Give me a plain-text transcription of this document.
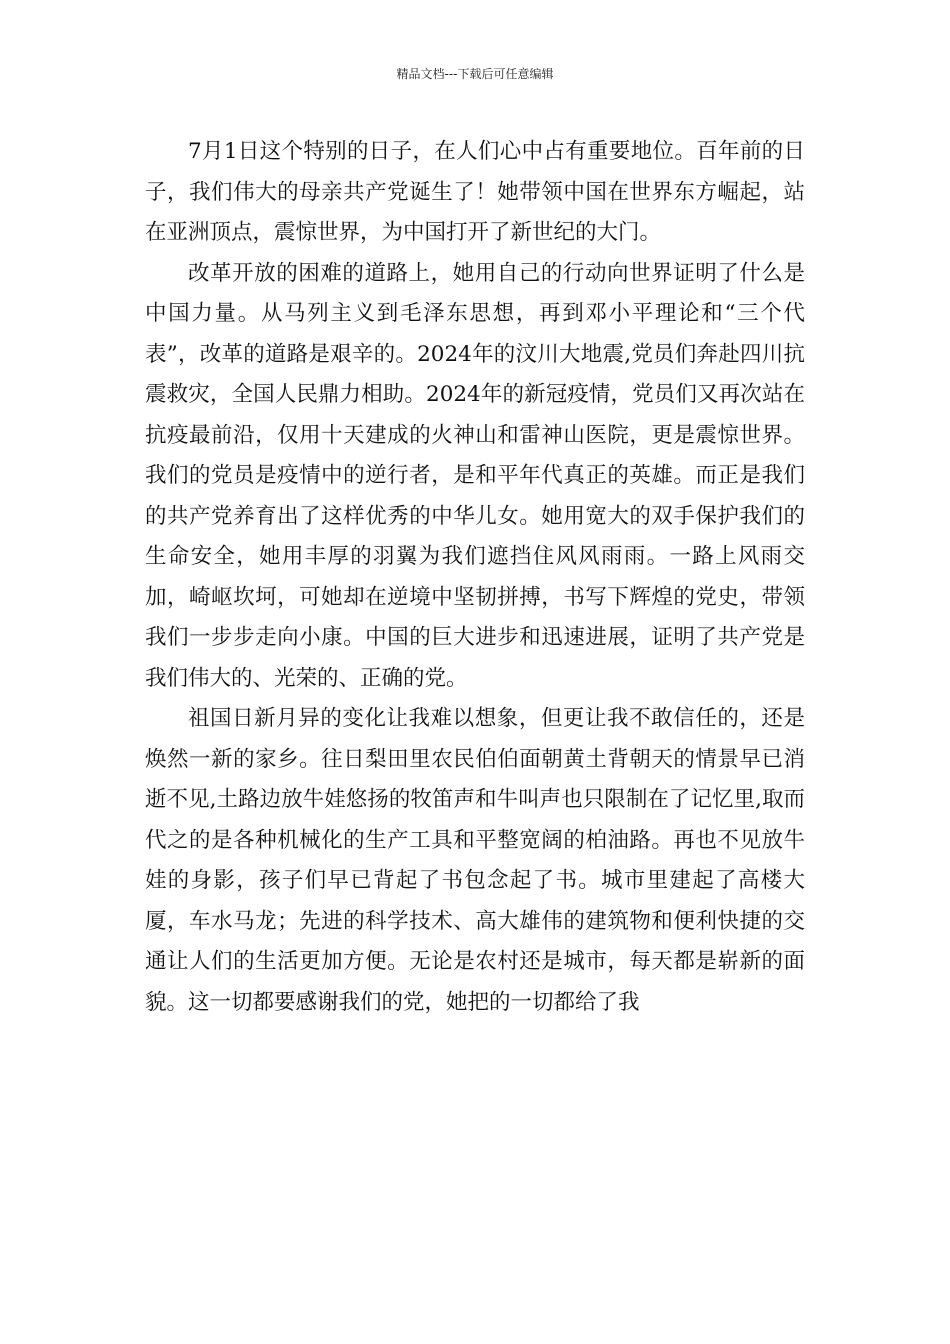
精品文档---下载后可任意编辑

7月1日这个特别的日子，在人们心中占有重要地位。百年前的日子，我们伟大的母亲共产党诞生了！她带领中国在世界东方崛起，站在亚洲顶点，震惊世界，为中国打开了新世纪的大门。

改革开放的困难的道路上，她用自己的行动向世界证明了什么是中国力量。从马列主义到毛泽东思想，再到邓小平理论和“三个代表”，改革的道路是艰辛的。2024年的汶川大地震,党员们奔赴四川抗震救灾，全国人民鼎力相助。2024年的新冠疫情，党员们又再次站在抗疫最前沿，仅用十天建成的火神山和雷神山医院，更是震惊世界。我们的党员是疫情中的逆行者，是和平年代真正的英雄。而正是我们的共产党养育出了这样优秀的中华儿女。她用宽大的双手保护我们的生命安全，她用丰厚的羽翼为我们遮挡住风风雨雨。一路上风雨交加，崎岖坎坷，可她却在逆境中坚韧拼搏，书写下辉煌的党史，带领我们一步步走向小康。中国的巨大进步和迅速进展，证明了共产党是我们伟大的、光荣的、正确的党。

祖国日新月异的变化让我难以想象，但更让我不敢信任的，还是焕然一新的家乡。往日梨田里农民伯伯面朝黄土背朝天的情景早已消逝不见,土路边放牛娃悠扬的牧笛声和牛叫声也只限制在了记忆里,取而代之的是各种机械化的生产工具和平整宽阔的柏油路。再也不见放牛娃的身影，孩子们早已背起了书包念起了书。城市里建起了高楼大厦，车水马龙；先进的科学技术、高大雄伟的建筑物和便利快捷的交通让人们的生活更加方便。无论是农村还是城市，每天都是崭新的面貌。这一切都要感谢我们的党，她把的一切都给了我
